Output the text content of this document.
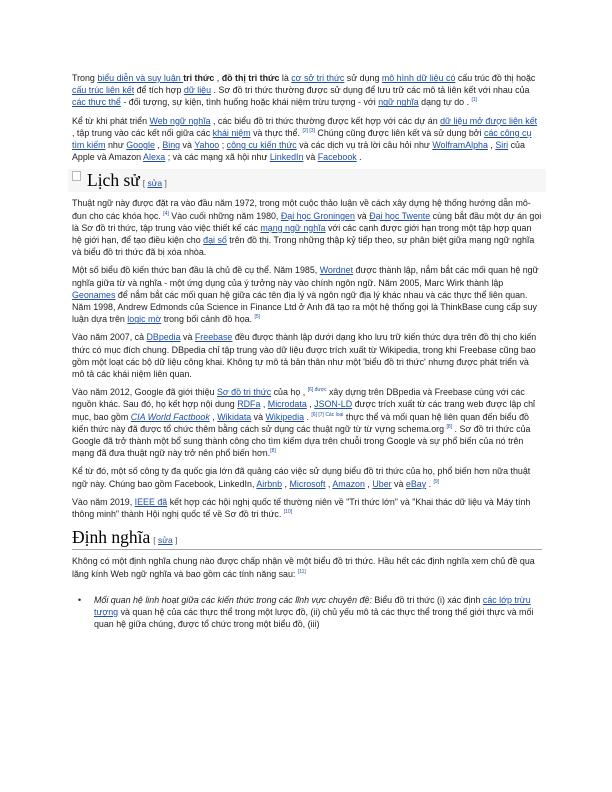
Trong biểu diễn và suy luận tri thức , đồ thị tri thức là cơ sở tri thức sử dụng mô hình dữ liệu có cấu trúc đồ thị hoặc cấu trúc liên kết để tích hợp dữ liệu . Sơ đồ tri thức thường được sử dụng để lưu trữ các mô tả liên kết với nhau của các thực thể - đối tượng, sự kiện, tình huống hoặc khái niệm trừu tượng - với ngữ nghĩa dạng tự do . [1]

Kể từ khi phát triển Web ngữ nghĩa , các biểu đồ tri thức thường được kết hợp với các dự án dữ liệu mở được liên kết , tập trung vào các kết nối giữa các khái niệm và thực thể. [2] [3] Chúng cũng được liên kết và sử dụng bởi các công cụ tìm kiếm như Google , Bing và Yahoo ; công cụ kiến thức và các dịch vụ trả lời câu hỏi như WolframAlpha , Siri của Apple và Amazon Alexa ; và các mạng xã hội như LinkedIn và Facebook .

Lịch sử [ sửa ]

Thuật ngữ này được đặt ra vào đầu năm 1972, trong một cuộc thảo luận về cách xây dựng hệ thống hướng dẫn mô-đun cho các khóa học. [4] Vào cuối những năm 1980, Đại học Groningen và Đại học Twente cùng bắt đầu một dự án gọi là Sơ đồ tri thức, tập trung vào việc thiết kế các mạng ngữ nghĩa với các cạnh được giới hạn trong một tập hợp quan hệ giới hạn, để tạo điều kiện cho đại số trên đồ thị. Trong những thập kỷ tiếp theo, sự phân biệt giữa mạng ngữ nghĩa và biểu đồ tri thức đã bị xóa nhòa.

Một số biểu đồ kiến thức ban đầu là chủ đề cụ thể. Năm 1985, Wordnet được thành lập, nắm bắt các mối quan hệ ngữ nghĩa giữa từ và nghĩa - một ứng dụng của ý tưởng này vào chính ngôn ngữ. Năm 2005, Marc Wirk thành lập Geonames để nắm bắt các mối quan hệ giữa các tên địa lý và ngôn ngữ địa lý khác nhau và các thực thể liên quan. Năm 1998, Andrew Edmonds của Science in Finance Ltd ở Anh đã tạo ra một hệ thống gọi là ThinkBase cung cấp suy luận dựa trên logic mờ trong bối cảnh đồ họa. [5]

Vào năm 2007, cả DBpedia và Freebase đều được thành lập dưới dạng kho lưu trữ kiến thức dựa trên đồ thị cho kiến thức có mục đích chung. DBpedia chỉ tập trung vào dữ liệu được trích xuất từ Wikipedia, trong khi Freebase cũng bao gồm một loạt các bộ dữ liệu công khai. Không tự mô tả bản thân như một 'biểu đồ tri thức' nhưng được phát triển và mô tả các khái niệm liên quan.

Vào năm 2012, Google đã giới thiệu Sơ đồ tri thức của họ , $^{[6] được}$ xây dựng trên DBpedia và Freebase cùng với các nguồn khác. Sau đó, họ kết hợp nội dung RDFa , Microdata , JSON-LD được trích xuất từ các trang web được lập chỉ mục, bao gồm CIA World Factbook , Wikidata và Wikipedia . $^{[6] [7] Các loại}$ thực thể và mối quan hệ liên quan đến biểu đồ kiến thức này đã được tổ chức thêm bằng cách sử dụng các thuật ngữ từ từ vựng schema.org [8] . Sơ đồ tri thức của Google đã trở thành một bổ sung thành công cho tìm kiếm dựa trên chuỗi trong Google và sự phổ biến của nó trên mạng đã đưa thuật ngữ này trở nên phổ biến hơn.[8]

Kể từ đó, một số công ty đa quốc gia lớn đã quảng cáo việc sử dụng biểu đồ tri thức của họ, phổ biến hơn nữa thuật ngữ này. Chúng bao gồm Facebook, LinkedIn, Airbnb , Microsoft , Amazon , Uber và eBay . [9]

Vào năm 2019, IEEE đã kết hợp các hội nghị quốc tế thường niên về "Tri thức lớn" và "Khai thác dữ liệu và Máy tính thông minh" thành Hội nghị quốc tế về Sơ đồ tri thức. [10]

Định nghĩa [ sửa ]

Không có một định nghĩa chung nào được chấp nhận về một biểu đồ tri thức. Hầu hết các định nghĩa xem chủ đề qua lăng kính Web ngữ nghĩa và bao gồm các tính năng sau: [11]

• Mối quan hệ linh hoạt giữa các kiến thức trong các lĩnh vực chuyên đề: Biểu đồ tri thức (i) xác định các lớp trừu tượng và quan hệ của các thực thể trong một lược đồ, (ii) chủ yếu mô tả các thực thể trong thế giới thực và mối quan hệ giữa chúng, được tổ chức trong một biểu đồ, (iii)
